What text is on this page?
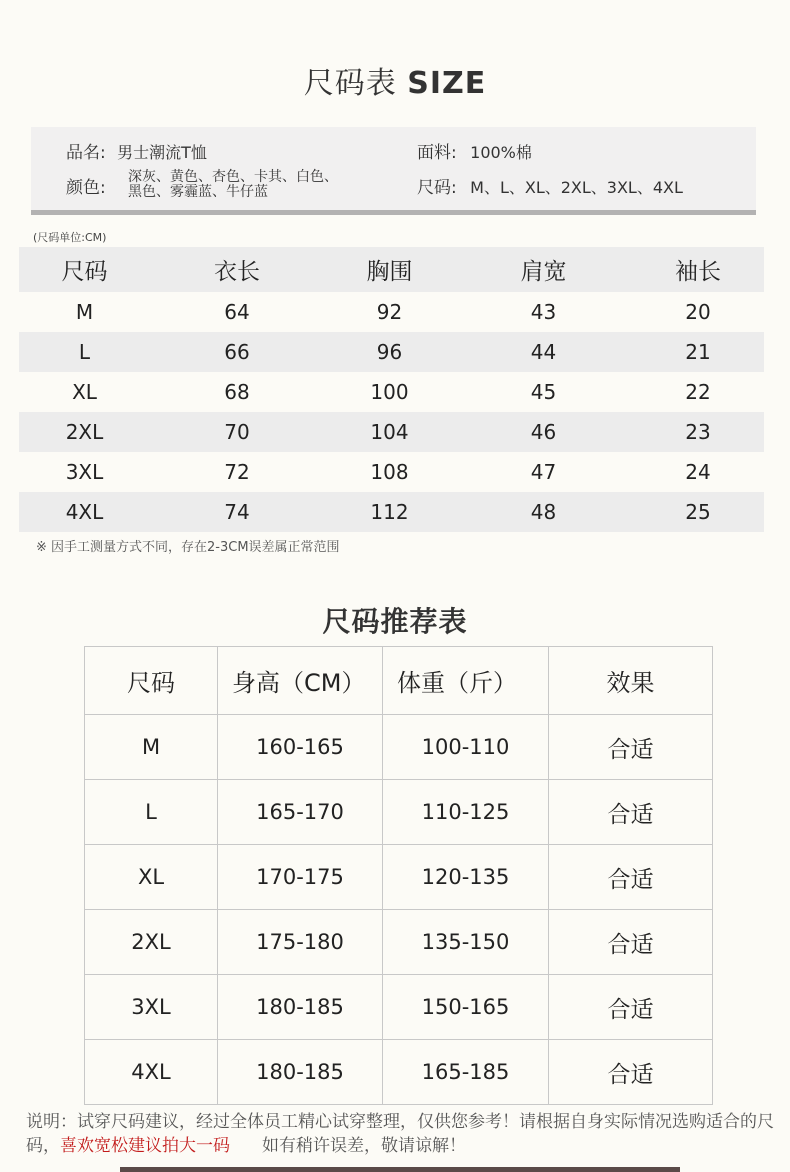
尺码表 SIZE
品名: 男士潮流T恤	面料: 100%棉
颜色:
深灰、黄色、杏色、卡其、白色、
黑色、雾霾蓝、牛仔蓝	尺码: M、L、XL、2XL、3XL、4XL
(尺码单位:CM)
尺码	衣长	胸围	肩宽	袖长
M	64	92	43	20
L	66	96	44	21
XL	68	100	45	22
2XL	70	104	46	23
3XL	72	108	47	24
4XL	74	112	48	25
※ 因手工测量方式不同，存在2-3CM误差属正常范围
尺码推荐表
尺码	身高（CM）	体重（斤）	效果
M	160-165	100-110	合适
L	165-170	110-125	合适
XL	170-175	120-135	合适
2XL	175-180	135-150	合适
3XL	180-185	150-165	合适
4XL	180-185	165-185	合适
说明：试穿尺码建议，经过全体员工精心试穿整理，仅供您参考！请根据自身实际情况选购适合的尺码，喜欢宽松建议拍大一码 如有稍许误差，敬请谅解！
